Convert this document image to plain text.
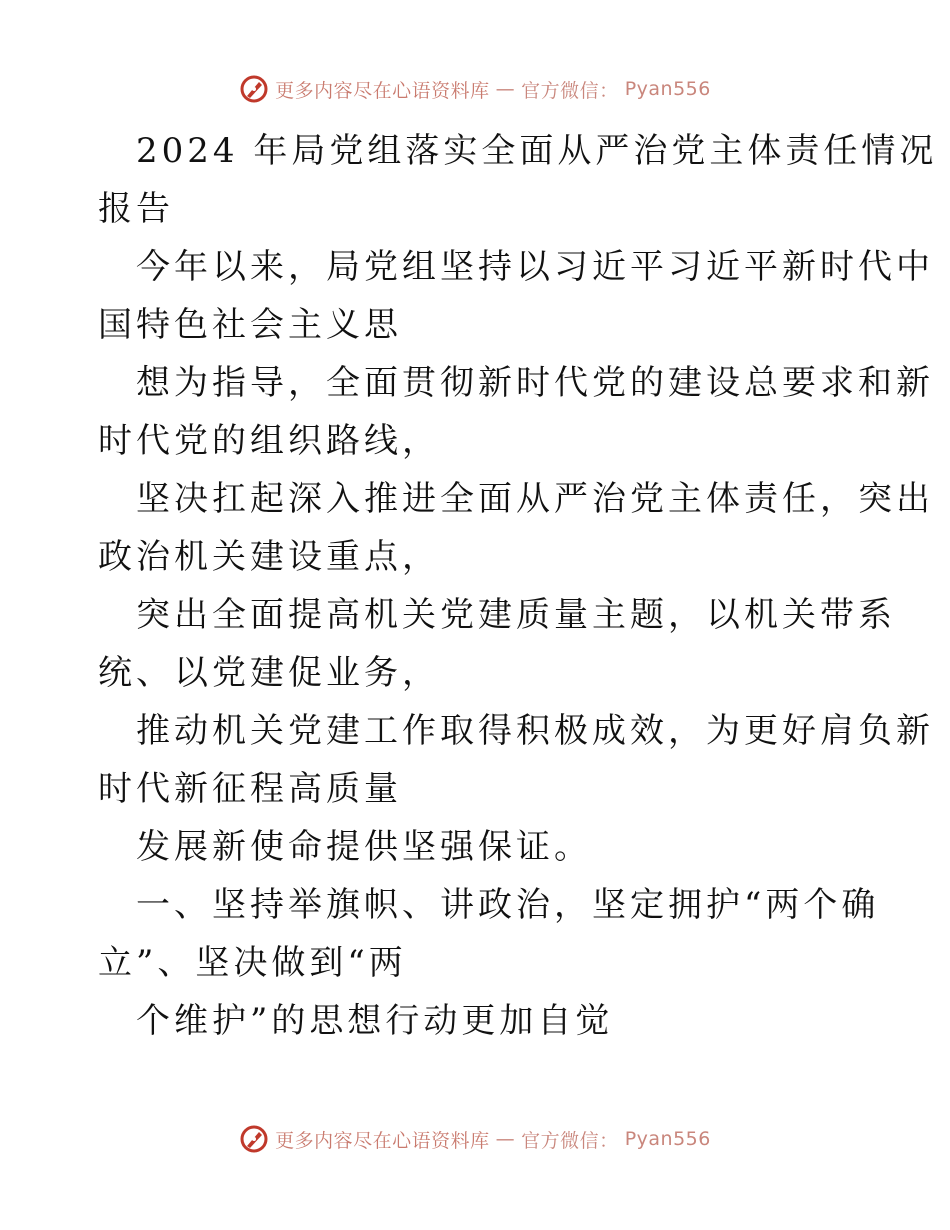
更多内容尽在心语资料库 — 官方微信： Pyan556
2024 年局党组落实全面从严治党主体责任情况
报告
今年以来，局党组坚持以习近平习近平新时代中
国特色社会主义思
想为指导，全面贯彻新时代党的建设总要求和新
时代党的组织路线，
坚决扛起深入推进全面从严治党主体责任，突出
政治机关建设重点，
突出全面提高机关党建质量主题，以机关带系
统、以党建促业务，
推动机关党建工作取得积极成效，为更好肩负新
时代新征程高质量
发展新使命提供坚强保证。
一、坚持举旗帜、讲政治，坚定拥护“两个确
立”、坚决做到“两
个维护”的思想行动更加自觉
更多内容尽在心语资料库 — 官方微信： Pyan556
